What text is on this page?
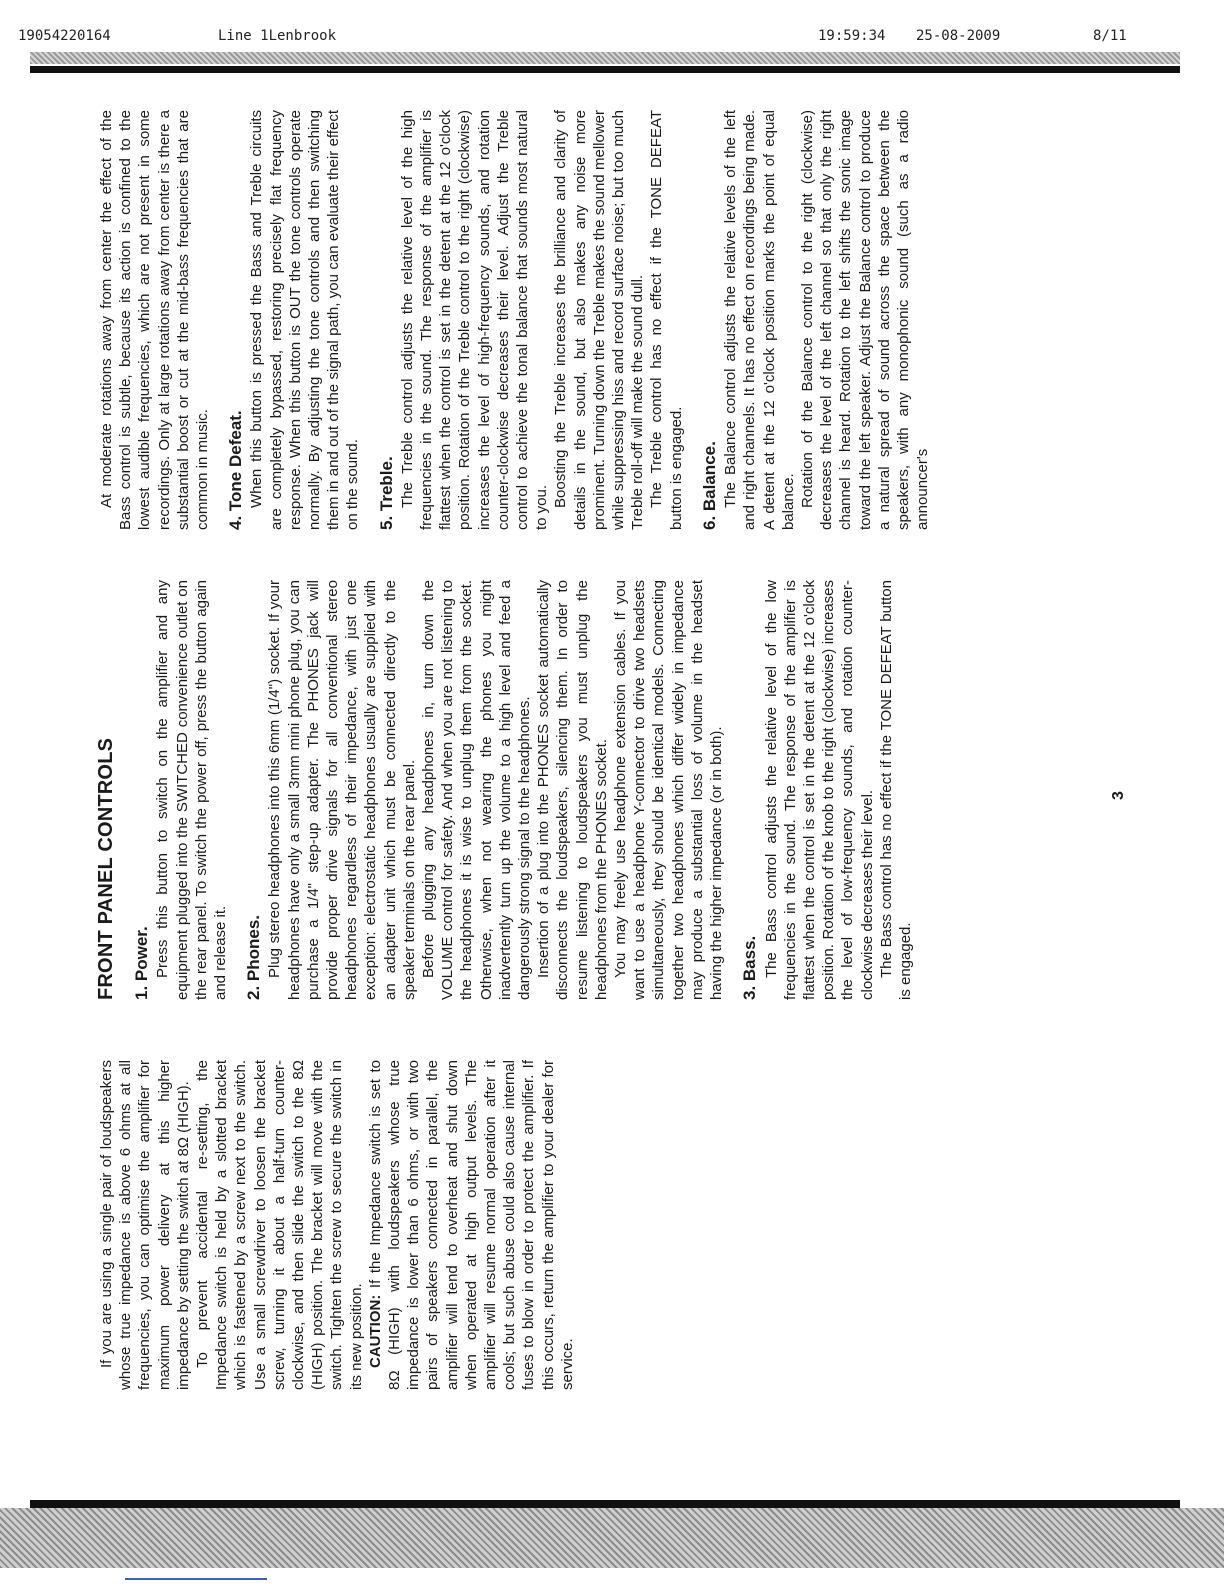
19054220164	Line 1Lenbrook	19:59:34 25-08-2009	8/11

If you are using a single pair of loudspeakers whose true impedance is above 6 ohms at all frequencies, you can optimise the amplifier for maximum power delivery at this higher impedance by setting the switch at 8Ω (HIGH). To prevent accidental re-setting, the Impedance switch is held by a slotted bracket which is fastened by a screw next to the switch. Use a small screwdriver to loosen the bracket screw, turning it about a half-turn counter-clockwise, and then slide the switch to the 8Ω (HIGH) position. The bracket will move with the switch. Tighten the screw to secure the switch in its new position. CAUTION: If the Impedance switch is set to 8Ω (HIGH) with loudspeakers whose true impedance is lower than 6 ohms, or with two pairs of speakers connected in parallel, the amplifier will tend to overheat and shut down when operated at high output levels. The amplifier will resume normal operation after it cools; but such abuse could also cause internal fuses to blow in order to protect the amplifier. If this occurs, return the amplifier to your dealer for service.

FRONT PANEL CONTROLS 1. Power. Press this button to switch on the amplifier and any equipment plugged into the SWITCHED convenience outlet on the rear panel. To switch the power off, press the button again and release it. 2. Phones. Plug stereo headphones into this 6mm (1/4") socket. If your headphones have only a small 3mm mini phone plug, you can purchase a 1/4" step-up adapter. The PHONES jack will provide proper drive signals for all conventional stereo headphones regardless of their impedance, with just one exception: electrostatic headphones usually are supplied with an adapter unit which must be connected directly to the speaker terminals on the rear panel. Before plugging any headphones in, turn down the VOLUME control for safety. And when you are not listening to the headphones it is wise to unplug them from the socket. Otherwise, when not wearing the phones you might inadvertently turn up the volume to a high level and feed a dangerously strong signal to the headphones. Insertion of a plug into the PHONES socket automatically disconnects the loudspeakers, silencing them. In order to resume listening to loudspeakers you must unplug the headphones from the PHONES socket. You may freely use headphone extension cables. If you want to use a headphone Y-connector to drive two headsets simultaneously, they should be identical models. Connecting together two headphones which differ widely in impedance may produce a substantial loss of volume in the headset having the higher impedance (or in both). 3. Bass. The Bass control adjusts the relative level of the low frequencies in the sound. The response of the amplifier is flattest when the control is set in the detent at the 12 o'clock position. Rotation of the knob to the right (clockwise) increases the level of low-frequency sounds, and rotation counter-clockwise decreases their level. The Bass control has no effect if the TONE DEFEAT button is engaged.

At moderate rotations away from center the effect of the Bass control is subtle, because its action is confined to the lowest audible frequencies, which are not present in some recordings. Only at large rotations away from center is there a substantial boost or cut at the mid-bass frequencies that are common in music. 4. Tone Defeat. When this button is pressed the Bass and Treble circuits are completely bypassed, restoring precisely flat frequency response. When this button is OUT the tone controls operate normally. By adjusting the tone controls and then switching them in and out of the signal path, you can evaluate their effect on the sound. 5. Treble. The Treble control adjusts the relative level of the high frequencies in the sound. The response of the amplifier is flattest when the control is set in the detent at the 12 o'clock position. Rotation of the Treble control to the right (clockwise) increases the level of high-frequency sounds, and rotation counter-clockwise decreases their level. Adjust the Treble control to achieve the tonal balance that sounds most natural to you. Boosting the Treble increases the brilliance and clarity of details in the sound, but also makes any noise more prominent. Turning down the Treble makes the sound mellower while suppressing hiss and record surface noise; but too much Treble roll-off will make the sound dull. The Treble control has no effect if the TONE DEFEAT button is engaged. 6. Balance. The Balance control adjusts the relative levels of the left and right channels. It has no effect on recordings being made. A detent at the 12 o'clock position marks the point of equal balance. Rotation of the Balance control to the right (clockwise) decreases the level of the left channel so that only the right channel is heard. Rotation to the left shifts the sonic image toward the left speaker. Adjust the Balance control to produce a natural spread of sound across the space between the speakers, with any monophonic sound (such as a radio announcer's

3
